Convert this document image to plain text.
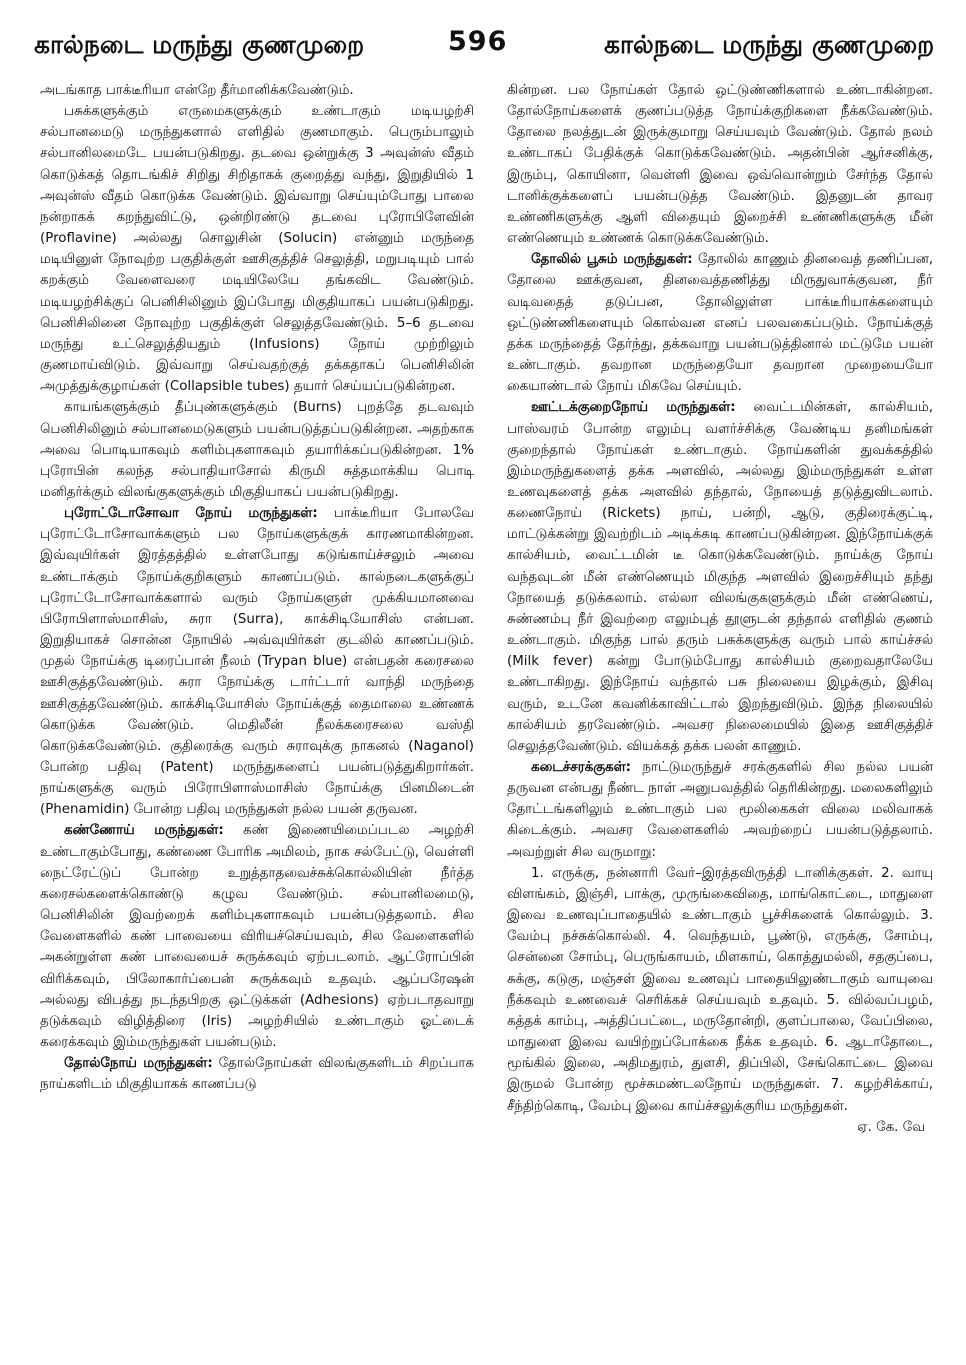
கால்நடை மருந்து குணமுறை	596	கால்நடை மருந்து குணமுறை

அடங்காத பாக்டீரியா என்றே தீர்மானிக்கவேண்டும்.

பசுக்களுக்கும் எருமைகளுக்கும் உண்டாகும் மடியழற்சி சல்பானமைடு மருந்துகளால் எளிதில் குணமாகும். பெரும்பாலும் சல்பானிலமைடே பயன்படுகிறது. தடவை ஒன்றுக்கு 3 அவுன்ஸ் வீதம் கொடுக்கத் தொடங்கிச் சிறிது சிறிதாகக் குறைத்து வந்து, இறுதியில் 1 அவுன்ஸ் வீதம் கொடுக்க வேண்டும். இவ்வாறு செய்யும்போது பாலை நன்றாகக் கறந்துவிட்டு, ஒன்றிரண்டு தடவை புரோபிளேவின் (Proflavine) அல்லது சொலுசின் (Solucin) என்னும் மருந்தை மடியினுள் நோவுற்ற பகுதிக்குள் ஊசிகுத்திச் செலுத்தி, மறுபடியும் பால் கறக்கும் வேளைவரை மடியிலேயே தங்கவிட வேண்டும். மடியழற்சிக்குப் பெனிசிலினும் இப்போது மிகுதியாகப் பயன்படுகிறது. பெனிசிலினை நோவுற்ற பகுதிக்குள் செலுத்தவேண்டும். 5–6 தடவை மருந்து உட்செலுத்தியதும் (Infusions) நோய் முற்றிலும் குணமாய்விடும். இவ்வாறு செய்வதற்குத் தக்கதாகப் பெனிசிலின் அமுத்துக்குழாய்கள் (Collapsible tubes) தயார் செய்யப்படுகின்றன.

காயங்களுக்கும் தீப்புண்களுக்கும் (Burns) புறத்தே தடவவும் பெனிசிலினும் சல்பானமைடுகளும் பயன்படுத்தப்படுகின்றன. அதற்காக அவை பொடியாகவும் களிம்புகளாகவும் தயாரிக்கப்படுகின்றன. 1% புரோபின் கலந்த சல்பாதியாசோல் கிருமி சுத்தமாக்கிய பொடி மனிதர்க்கும் விலங்குகளுக்கும் மிகுதியாகப் பயன்படுகிறது.

புரோட்டோசோவா நோய் மருந்துகள்: பாக்டீரியா போலவே புரோட்டோசோவாக்களும் பல நோய்களுக்குக் காரணமாகின்றன. இவ்வுயிர்கள் இரத்தத்தில் உள்ளபோது கடுங்காய்ச்சலும் அவை உண்டாக்கும் நோய்க்குறிகளும் காணப்படும். கால்நடைகளுக்குப் புரோட்டோசோவாக்களால் வரும் நோய்களுள் முக்கியமானவை பிரோபிளாஸ்மாசிஸ், சுரா (Surra), காக்சிடியோசிஸ் என்பன. இறுதியாகச் சொன்ன நோயில் அவ்வுயிர்கள் குடலில் காணப்படும். முதல் நோய்க்கு டிரைப்பான் நீலம் (Trypan blue) என்பதன் கரைசலை ஊசிகுத்தவேண்டும். சுரா நோய்க்கு டார்ட்டார் வாந்தி மருந்தை ஊசிகுத்தவேண்டும். காக்சிடியோசிஸ் நோய்க்குத் தைமாலை உண்ணக் கொடுக்க வேண்டும். மெதிலீன் நீலக்கரைசலை வஸ்தி கொடுக்கவேண்டும். குதிரைக்கு வரும் சுராவுக்கு நாகனல் (Naganol) போன்ற பதிவு (Patent) மருந்துகளைப் பயன்படுத்துகிறார்கள். நாய்களுக்கு வரும் பிரோபிளாஸ்மாசிஸ் நோய்க்கு பினமிடைன் (Phenamidin) போன்ற பதிவு மருந்துகள் நல்ல பயன் தருவன.

கண்ணோய் மருந்துகள்: கண் இணையிமைப்படல அழற்சி உண்டாகும்போது, கண்ணை போரிக அமிலம், நாக சல்பேட்டு, வெள்ளி நைட்ரேட்டுப் போன்ற உறுத்தாதவைச்சுக்கொல்லியின் நீர்த்த கரைசல்களைக்கொண்டு கழுவ வேண்டும். சல்பானிலமைடு, பெனிசிலின் இவற்றைக் களிம்புகளாகவும் பயன்படுத்தலாம். சில வேளைகளில் கண் பாவையை விரியச்செய்யவும், சில வேளைகளில் அகன்றுள்ள கண் பாவையைச் சுருக்கவும் ஏற்படலாம். ஆட்ரோப்பின் விரிக்கவும், பிலோகார்ப்பைன் சுருக்கவும் உதவும். ஆப்பரேஷன் அல்லது விபத்து நடந்தபிறகு ஒட்டுக்கள் (Adhesions) ஏற்படாதவாறு தடுக்கவும் விழித்திரை (Iris) அழற்சியில் உண்டாகும் ஓட்டைக் கரைக்கவும் இம்மருந்துகள் பயன்படும்.

தோல்நோய் மருந்துகள்: தோல்நோய்கள் விலங்குகளிடம் சிறப்பாக நாய்களிடம் மிகுதியாகக் காணப்படு

கின்றன. பல நோய்கள் தோல் ஒட்டுண்ணிகளால் உண்டாகின்றன. தோல்நோய்களைக் குணப்படுத்த நோய்க்குறிகளை நீக்கவேண்டும். தோலை நலத்துடன் இருக்குமாறு செய்யவும் வேண்டும். தோல் நலம் உண்டாகப் பேதிக்குக் கொடுக்கவேண்டும். அதன்பின் ஆர்சனிக்கு, இரும்பு, கொயினா, வெள்ளி இவை ஒவ்வொன்றும் சேர்ந்த தோல் டானிக்குக்களைப் பயன்படுத்த வேண்டும். இதனுடன் தாவர உண்ணிகளுக்கு ஆளி விதையும் இறைச்சி உண்ணிகளுக்கு மீன் எண்ணெயும் உண்ணக் கொடுக்கவேண்டும்.

தோலில் பூசும் மருந்துகள்: தோலில் காணும் தினவைத் தணிப்பன, தோலை ஊக்குவன, தினவைத்தணித்து மிருதுவாக்குவன, நீர் வடிவதைத் தடுப்பன, தோலிலுள்ள பாக்டீரியாக்களையும் ஒட்டுண்ணிகளையும் கொல்வன எனப் பலவகைப்படும். நோய்க்குத் தக்க மருந்தைத் தேர்ந்து, தக்கவாறு பயன்படுத்தினால் மட்டுமே பயன் உண்டாகும். தவறான மருந்தையோ தவறான முறையையோ கையாண்டால் நோய் மிகவே செய்யும்.

ஊட்டக்குறைநோய் மருந்துகள்: வைட்டமின்கள், கால்சியம், பாஸ்வரம் போன்ற எலும்பு வளர்ச்சிக்கு வேண்டிய தனிமங்கள் குறைந்தால் நோய்கள் உண்டாகும். நோய்களின் துவக்கத்தில் இம்மருந்துகளைத் தக்க அளவில், அல்லது இம்மருந்துகள் உள்ள உணவுகளைத் தக்க அளவில் தந்தால், நோயைத் தடுத்துவிடலாம். கணைநோய் (Rickets) நாய், பன்றி, ஆடு, குதிரைக்குட்டி, மாட்டுக்கன்று இவற்றிடம் அடிக்கடி காணப்படுகின்றன. இந்நோய்க்குக் கால்சியம், வைட்டமின் டீ கொடுக்கவேண்டும். நாய்க்கு நோய் வந்தவுடன் மீன் எண்ணெயும் மிகுந்த அளவில் இறைச்சியும் தந்து நோயைத் தடுக்கலாம். எல்லா விலங்குகளுக்கும் மீன் எண்ணெய், சுண்ணம்பு நீர் இவற்றை எலும்புத் தூளுடன் தந்தால் எளிதில் குணம் உண்டாகும். மிகுந்த பால் தரும் பசுக்களுக்கு வரும் பால் காய்ச்சல் (Milk fever) கன்று போடும்போது கால்சியம் குறைவதாலேயே உண்டாகிறது. இந்நோய் வந்தால் பசு நிலையை இழக்கும், இசிவு வரும், உடனே கவனிக்காவிட்டால் இறந்துவிடும். இந்த நிலையில் கால்சியம் தரவேண்டும். அவசர நிலைமையில் இதை ஊசிகுத்திச் செலுத்தவேண்டும். வியக்கத் தக்க பலன் காணும்.

கடைச்சரக்குகள்: நாட்டுமருந்துச் சரக்குகளில் சில நல்ல பயன் தருவன என்பது நீண்ட நாள் அனுபவத்தில் தெரிகின்றது. மலைகளிலும் தோட்டங்களிலும் உண்டாகும் பல மூலிகைகள் விலை மலிவாகக் கிடைக்கும். அவசர வேளைகளில் அவற்றைப் பயன்படுத்தலாம். அவற்றுள் சில வருமாறு:

1. எருக்கு, நன்னாரி வேர்–இரத்தவிருத்தி டானிக்குகள். 2. வாயு விளங்கம், இஞ்சி, பாக்கு, முருங்கைவிதை, மாங்கொட்டை, மாதுளை இவை உணவுப்பாதையில் உண்டாகும் பூச்சிகளைக் கொல்லும். 3. வேம்பு நச்சுக்கொல்லி. 4. வெந்தயம், பூண்டு, எருக்கு, சோம்பு, சென்னை சோம்பு, பெருங்காயம், மிளகாய், கொத்துமல்லி, சதகுப்பை, சுக்கு, கடுகு, மஞ்சள் இவை உணவுப் பாதையிலுண்டாகும் வாயுவை நீக்கவும் உணவைச் செரிக்கச் செய்யவும் உதவும். 5. வில்வப்பழம், கத்தக் காம்பு, அத்திப்பட்டை, மருதோன்றி, குளப்பாலை, வேப்பிலை, மாதுளை இவை வயிற்றுப்போக்கை நீக்க உதவும். 6. ஆடாதோடை, மூங்கில் இலை, அதிமதுரம், துளசி, திப்பிலி, சேங்கொட்டை இவை இருமல் போன்ற மூச்சுமண்டலநோய் மருந்துகள். 7. கழற்சிக்காய், சீந்திற்கொடி, வேம்பு இவை காய்ச்சலுக்குரிய மருந்துகள்.

ஏ. கே. வே
